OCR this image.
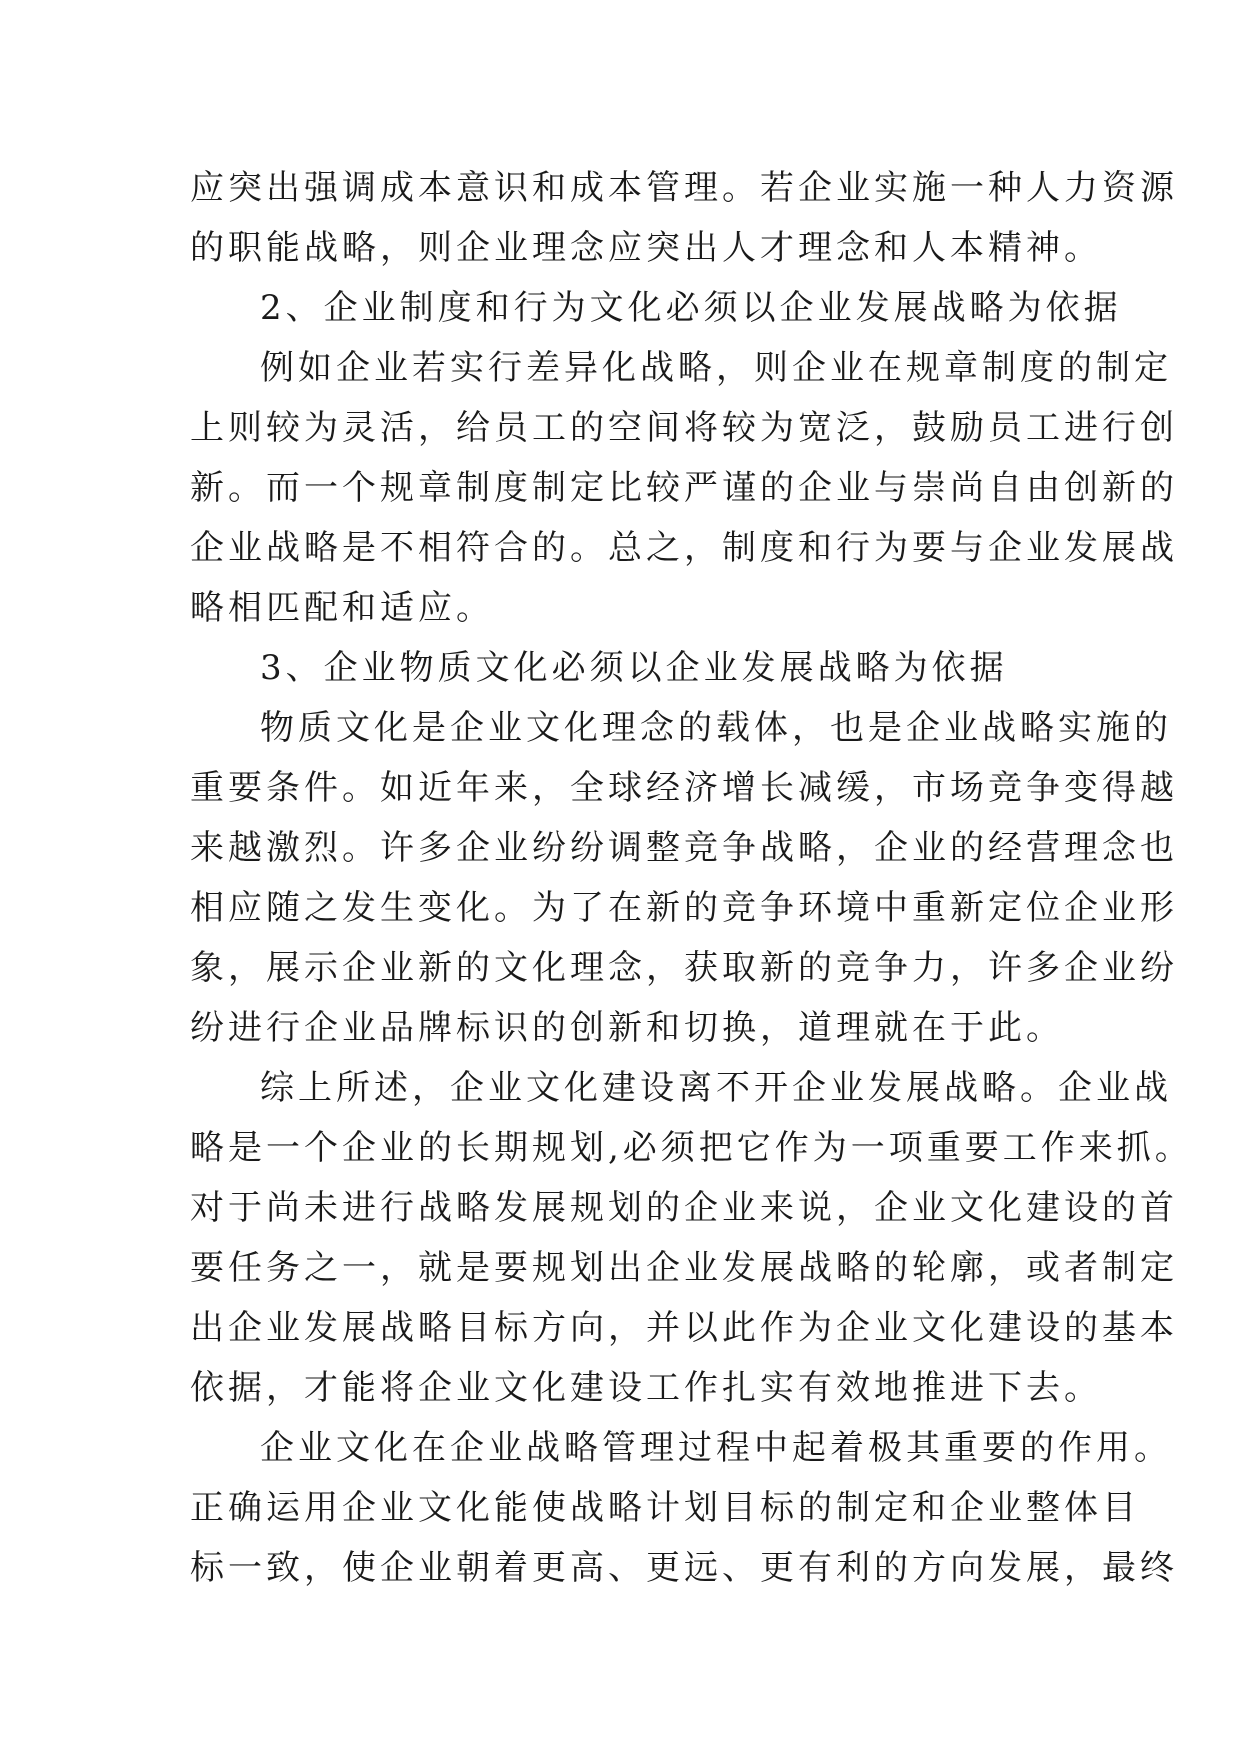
应突出强调成本意识和成本管理。若企业实施一种人力资源
的职能战略，则企业理念应突出人才理念和人本精神。
2、企业制度和行为文化必须以企业发展战略为依据
例如企业若实行差异化战略，则企业在规章制度的制定
上则较为灵活，给员工的空间将较为宽泛，鼓励员工进行创
新。而一个规章制度制定比较严谨的企业与崇尚自由创新的
企业战略是不相符合的。总之，制度和行为要与企业发展战
略相匹配和适应。
3、企业物质文化必须以企业发展战略为依据
物质文化是企业文化理念的载体，也是企业战略实施的
重要条件。如近年来，全球经济增长减缓，市场竞争变得越
来越激烈。许多企业纷纷调整竞争战略，企业的经营理念也
相应随之发生变化。为了在新的竞争环境中重新定位企业形
象，展示企业新的文化理念，获取新的竞争力，许多企业纷
纷进行企业品牌标识的创新和切换，道理就在于此。
综上所述，企业文化建设离不开企业发展战略。企业战
略是一个企业的长期规划,必须把它作为一项重要工作来抓。
对于尚未进行战略发展规划的企业来说，企业文化建设的首
要任务之一，就是要规划出企业发展战略的轮廓，或者制定
出企业发展战略目标方向，并以此作为企业文化建设的基本
依据，才能将企业文化建设工作扎实有效地推进下去。
企业文化在企业战略管理过程中起着极其重要的作用。
正确运用企业文化能使战略计划目标的制定和企业整体目
标一致，使企业朝着更高、更远、更有利的方向发展，最终
